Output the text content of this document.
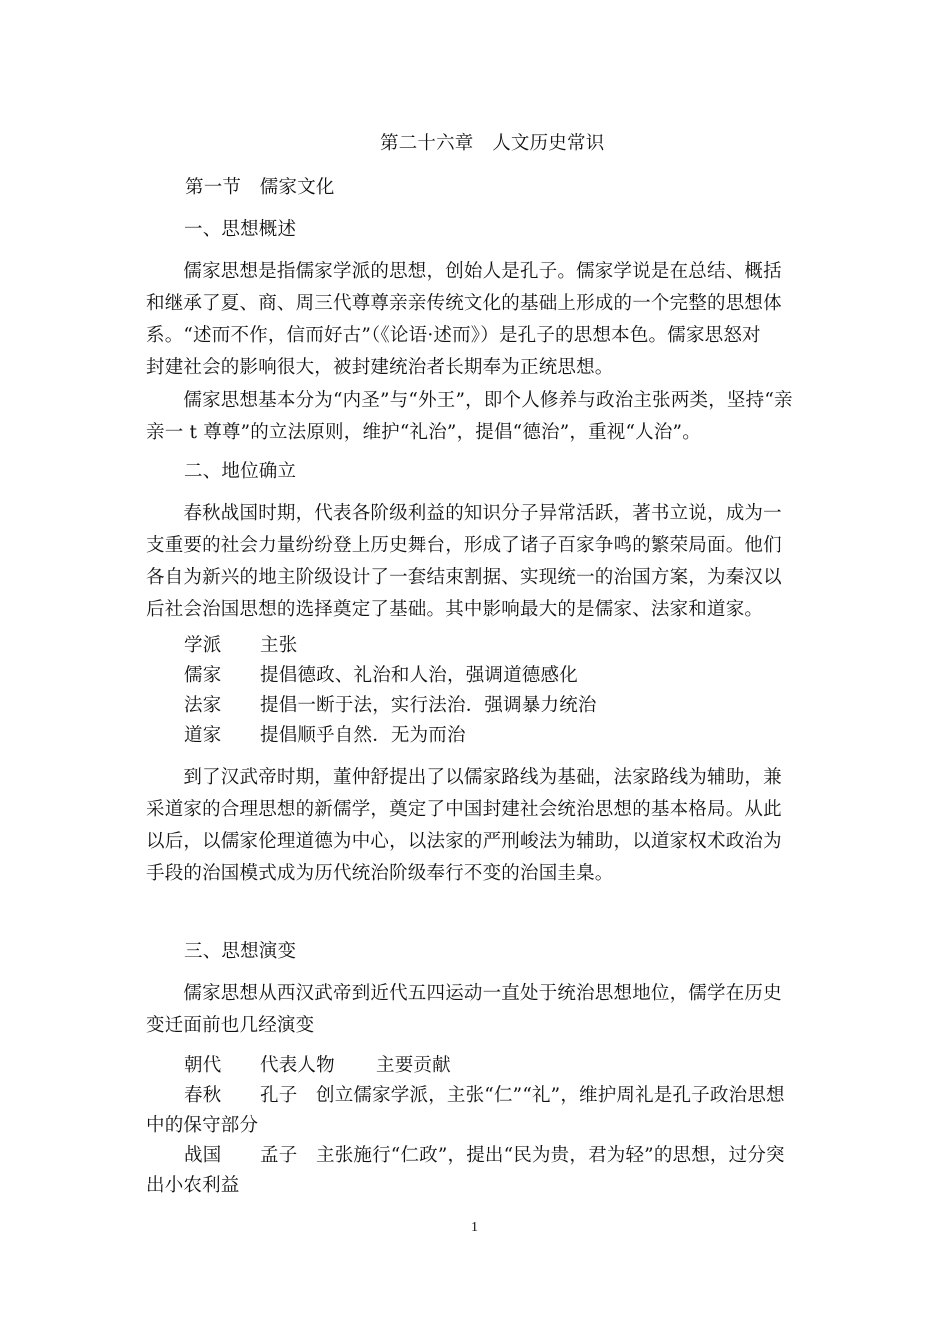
第二十六章　人文历史常识
第一节　儒家文化
一、思想概述
　　儒家思想是指儒家学派的思想，创始人是孔子。儒家学说是在总结、概括
和继承了夏、商、周三代尊尊亲亲传统文化的基础上形成的一个完整的思想体
系。“述而不作，信而好古”（《论语·述而》）是孔子的思想本色。儒家思怒对
封建社会的影响很大，被封建统治者长期奉为正统思想。
　　儒家思想基本分为“内圣”与“外王”，即个人修养与政治主张两类，坚持“亲
亲一 t 尊尊”的立法原则，维护“礼治”，提倡“德治”，重视“人治”。
二、地位确立
　　春秋战国时期，代表各阶级利益的知识分子异常活跃，著书立说，成为一
支重要的社会力量纷纷登上历史舞台，形成了诸子百家争鸣的繁荣局面。他们
各自为新兴的地主阶级设计了一套结束割据、实现统一的治国方案，为秦汉以
后社会治国思想的选择奠定了基础。其中影响最大的是儒家、法家和道家。
学派 主张
儒家 提倡德政、礼治和人治，强调道德感化
法家 提倡一断于法，实行法治．强调暴力统治
道家 提倡顺乎自然．无为而治
　　到了汉武帝时期，董仲舒提出了以儒家路线为基础，法家路线为辅助，兼
采道家的合理思想的新儒学，奠定了中国封建社会统治思想的基本格局。从此
以后，以儒家伦理道德为中心，以法家的严刑峻法为辅助，以道家权术政治为
手段的治国模式成为历代统治阶级奉行不变的治国圭臬。
三、思想演变
　　儒家思想从西汉武帝到近代五四运动一直处于统治思想地位，儒学在历史
变迁面前也几经演变
朝代 代表人物 主要贡献
春秋 孔子 创立儒家学派，主张“仁”“礼”，维护周礼是孔子政治思想
中的保守部分
战国 孟子 主张施行“仁政”，提出“民为贵，君为轻”的思想，过分突
出小农利益
1
